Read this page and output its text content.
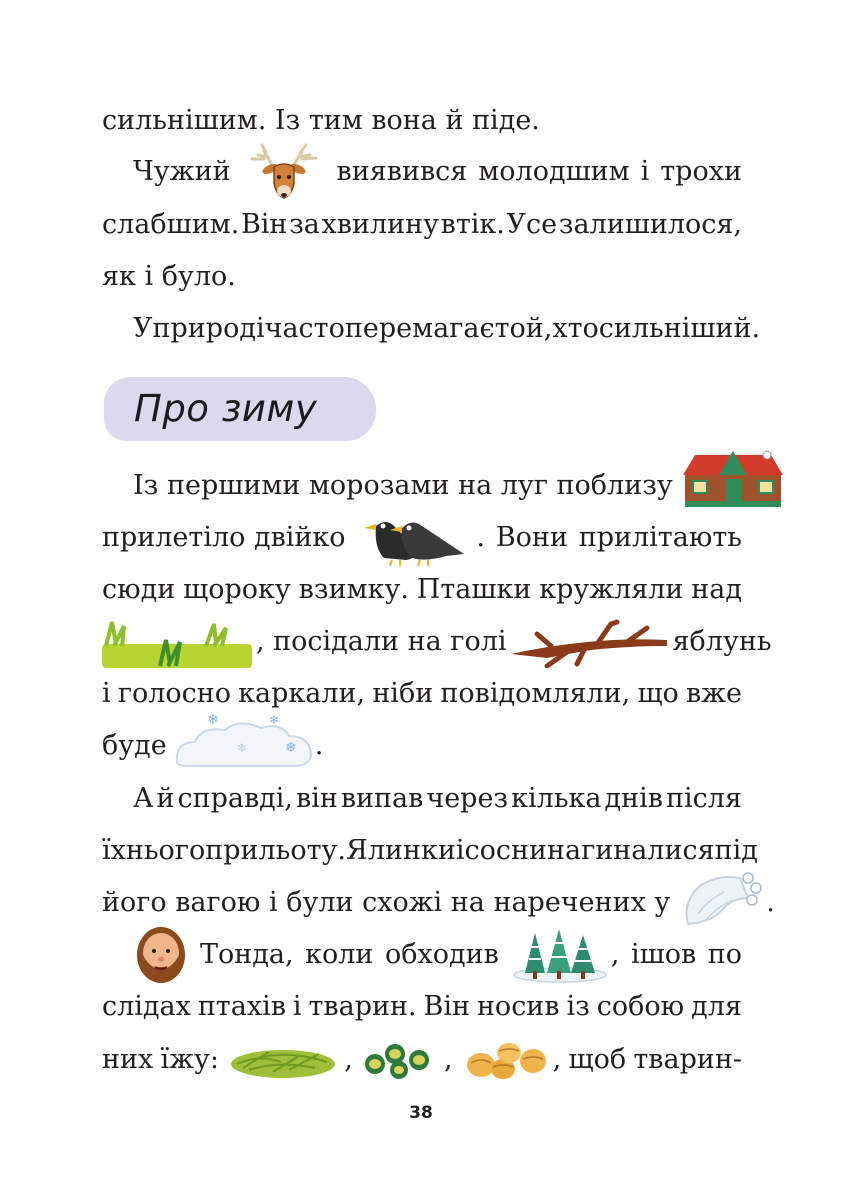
сильнішим. Із тим вона й піде.
Чужий	виявився молодшим і трохи
слабшим. Він за хвилину втік. Усе залишилося,
як і було.
У природі часто перемагає той, хто сильніший.
Про зиму
Із першими морозами на луг поблизу
прилетіло двійко	. Вони прилітають
сюди щороку взимку. Пташки кружляли над
, посідали на голі	яблунь
і голосно каркали, ніби повідомляли, що вже
буде
❄	❄
❄
❄	.
А й справді, він випав через кілька днів після
їхнього прильоту. Ялинки і сосни нагиналися під
його вагою і були схожі на наречених у	.
Тонда, коли обходив	, ішов по
слідах птахів і тварин. Він носив із собою для
них їжу:	,	,	, щоб тварин-
38
